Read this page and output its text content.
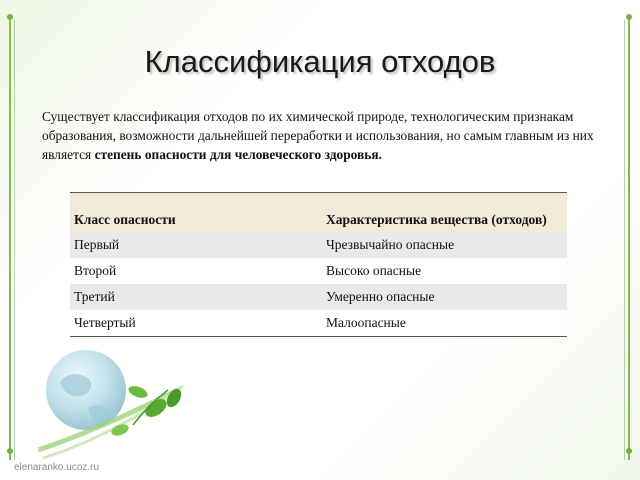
Классификация отходов
Существует классификация отходов по их химической природе, технологическим признакам образования, возможности дальнейшей переработки и использования, но самым главным из них является степень опасности для человеческого здоровья.
Класс опасности	Характеристика вещества (отходов)
Первый	Чрезвычайно опасные
Второй	Высоко опасные
Третий	Умеренно опасные
Четвертый	Малоопасные
elenaranko.ucoz.ru
